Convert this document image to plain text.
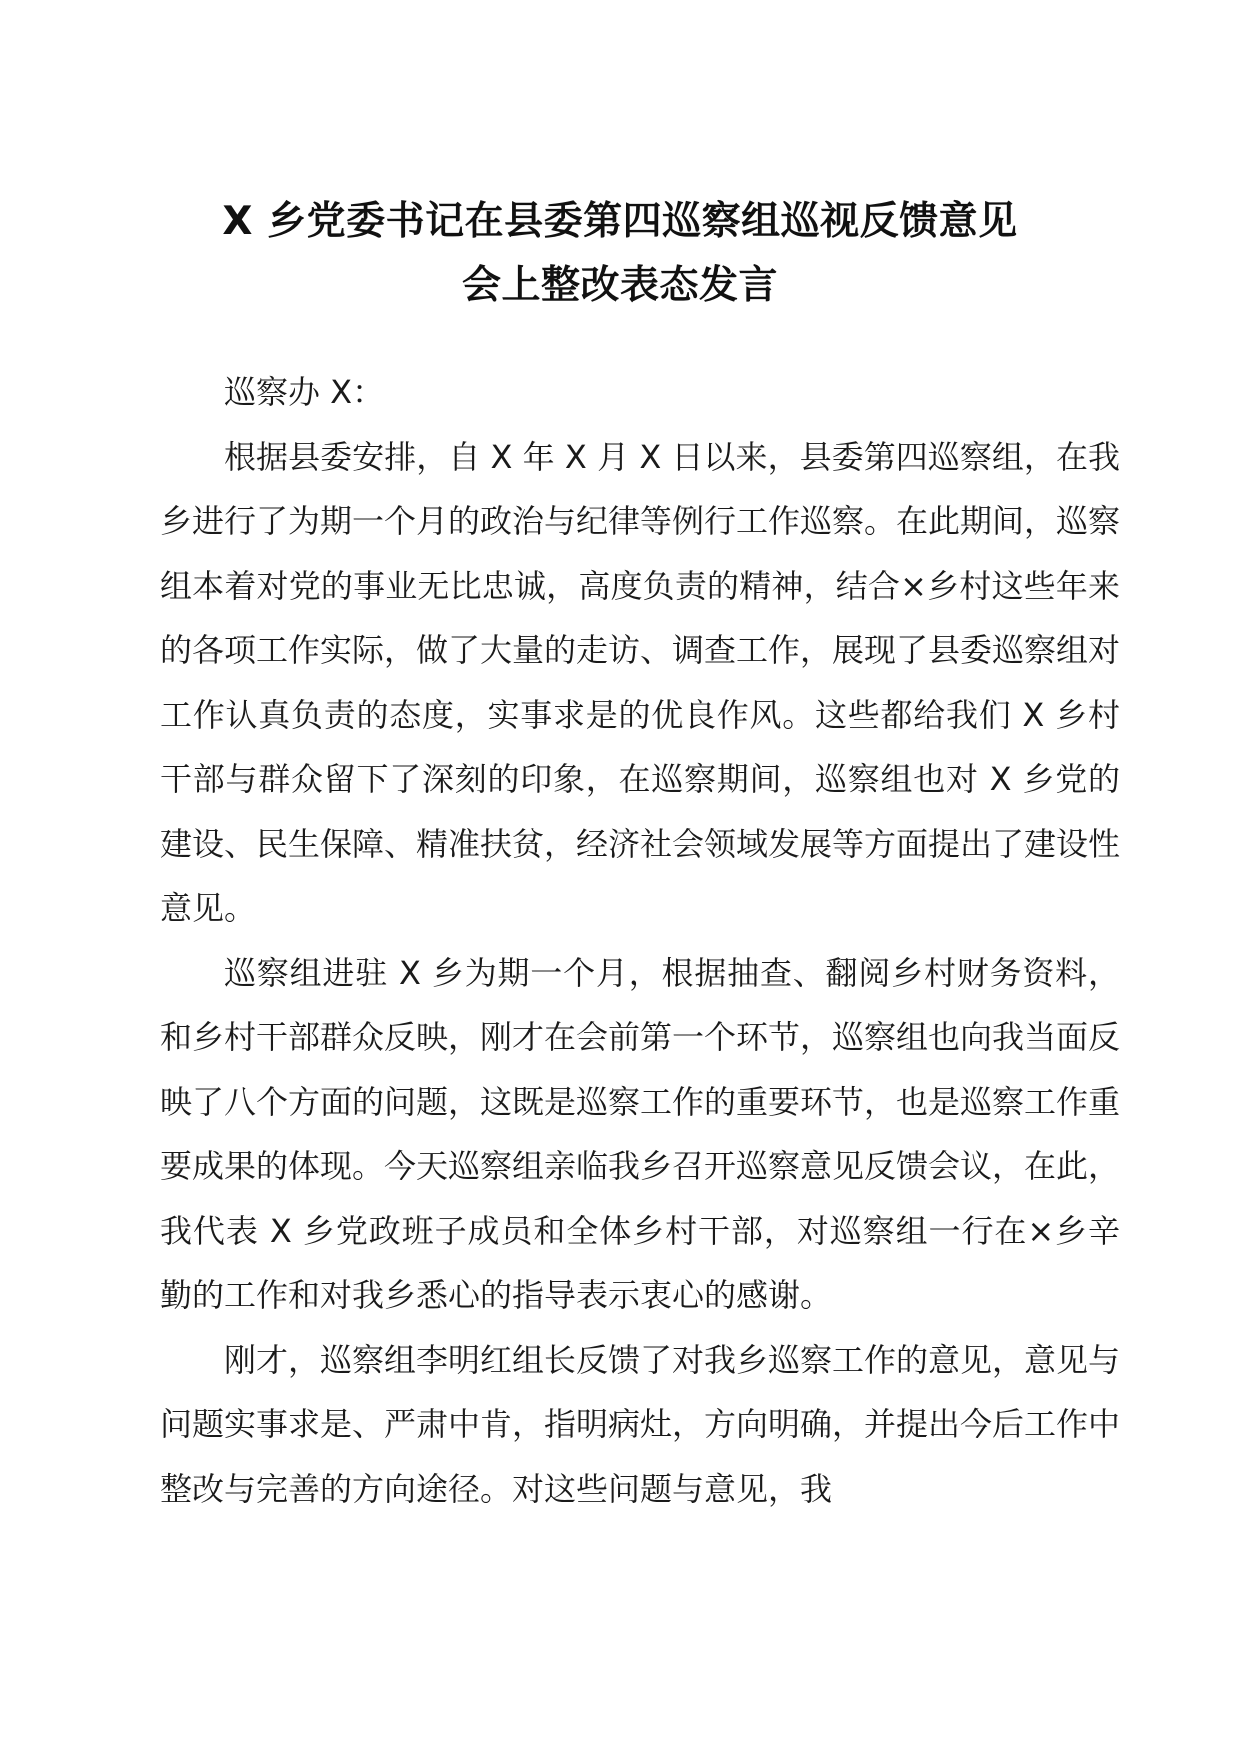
X 乡党委书记在县委第四巡察组巡视反馈意见
会上整改表态发言

巡察办 X：

根据县委安排，自 X 年 X 月 X 日以来，县委第四巡察组，在我乡进行了为期一个月的政治与纪律等例行工作巡察。在此期间，巡察组本着对党的事业无比忠诚，高度负责的精神，结合×乡村这些年来的各项工作实际，做了大量的走访、调查工作，展现了县委巡察组对工作认真负责的态度，实事求是的优良作风。这些都给我们 X 乡村干部与群众留下了深刻的印象，在巡察期间，巡察组也对 X 乡党的建设、民生保障、精准扶贫，经济社会领域发展等方面提出了建设性意见。

巡察组进驻 X 乡为期一个月，根据抽查、翻阅乡村财务资料，和乡村干部群众反映，刚才在会前第一个环节，巡察组也向我当面反映了八个方面的问题，这既是巡察工作的重要环节，也是巡察工作重要成果的体现。今天巡察组亲临我乡召开巡察意见反馈会议，在此，我代表 X 乡党政班子成员和全体乡村干部，对巡察组一行在×乡辛勤的工作和对我乡悉心的指导表示衷心的感谢。

刚才，巡察组李明红组长反馈了对我乡巡察工作的意见，意见与问题实事求是、严肃中肯，指明病灶，方向明确，并提出今后工作中整改与完善的方向途径。对这些问题与意见，我
